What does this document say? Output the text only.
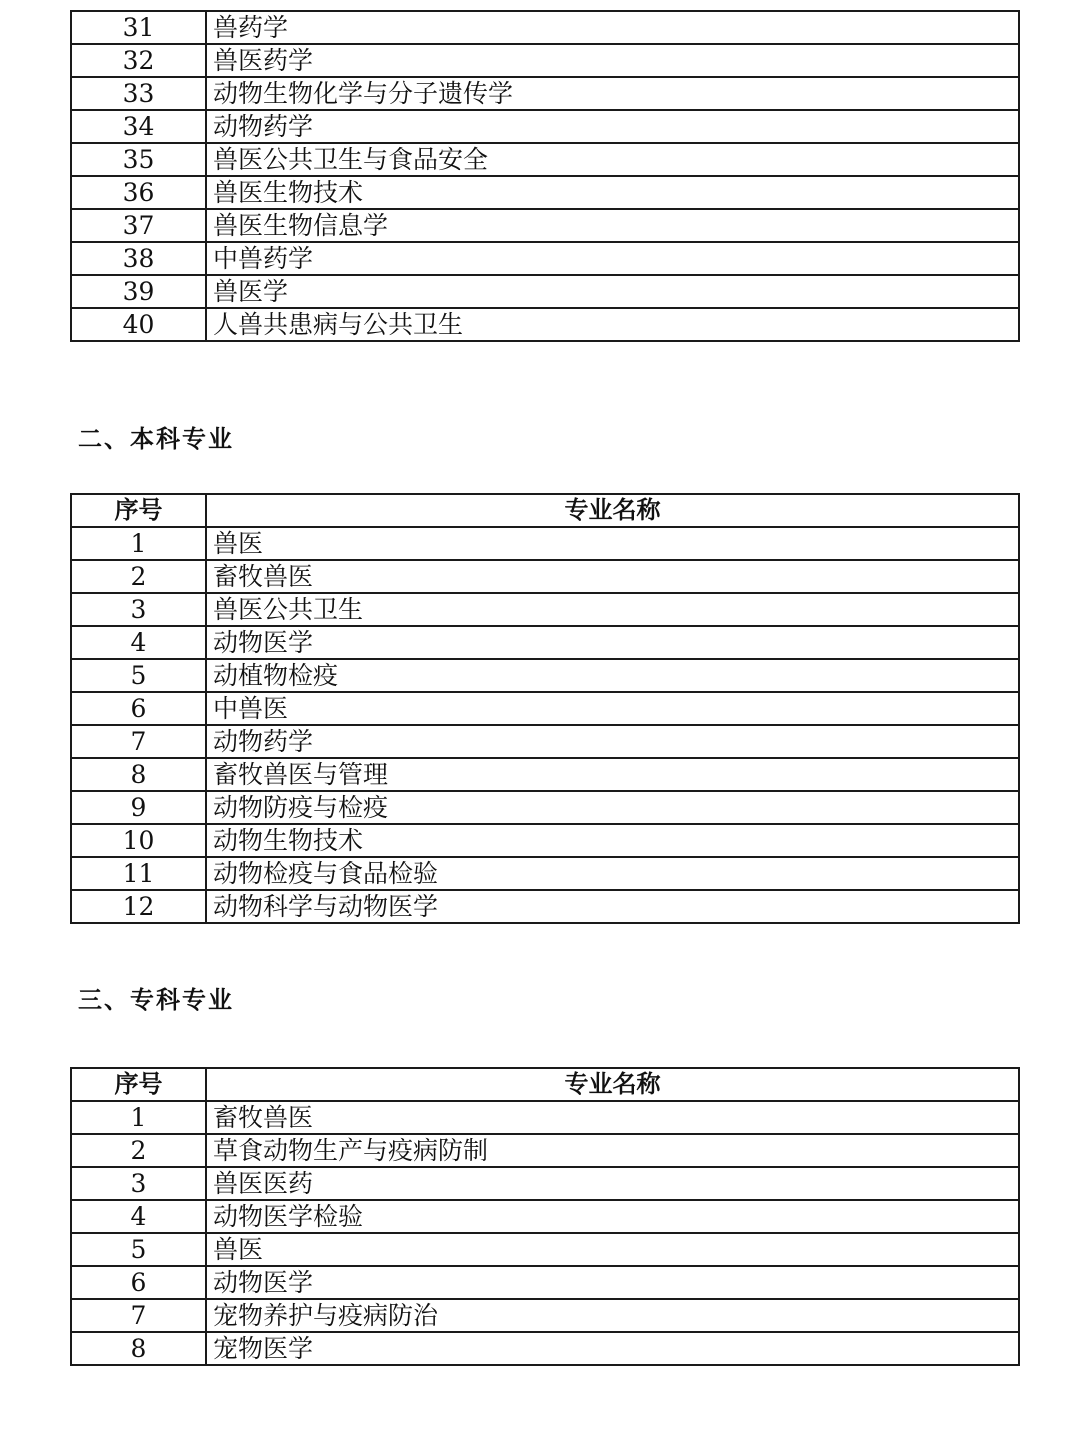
31	兽药学
32	兽医药学
33	动物生物化学与分子遗传学
34	动物药学
35	兽医公共卫生与食品安全
36	兽医生物技术
37	兽医生物信息学
38	中兽药学
39	兽医学
40	人兽共患病与公共卫生
二、本科专业
序号	专业名称
1	兽医
2	畜牧兽医
3	兽医公共卫生
4	动物医学
5	动植物检疫
6	中兽医
7	动物药学
8	畜牧兽医与管理
9	动物防疫与检疫
10	动物生物技术
11	动物检疫与食品检验
12	动物科学与动物医学
三、专科专业
序号	专业名称
1	畜牧兽医
2	草食动物生产与疫病防制
3	兽医医药
4	动物医学检验
5	兽医
6	动物医学
7	宠物养护与疫病防治
8	宠物医学
